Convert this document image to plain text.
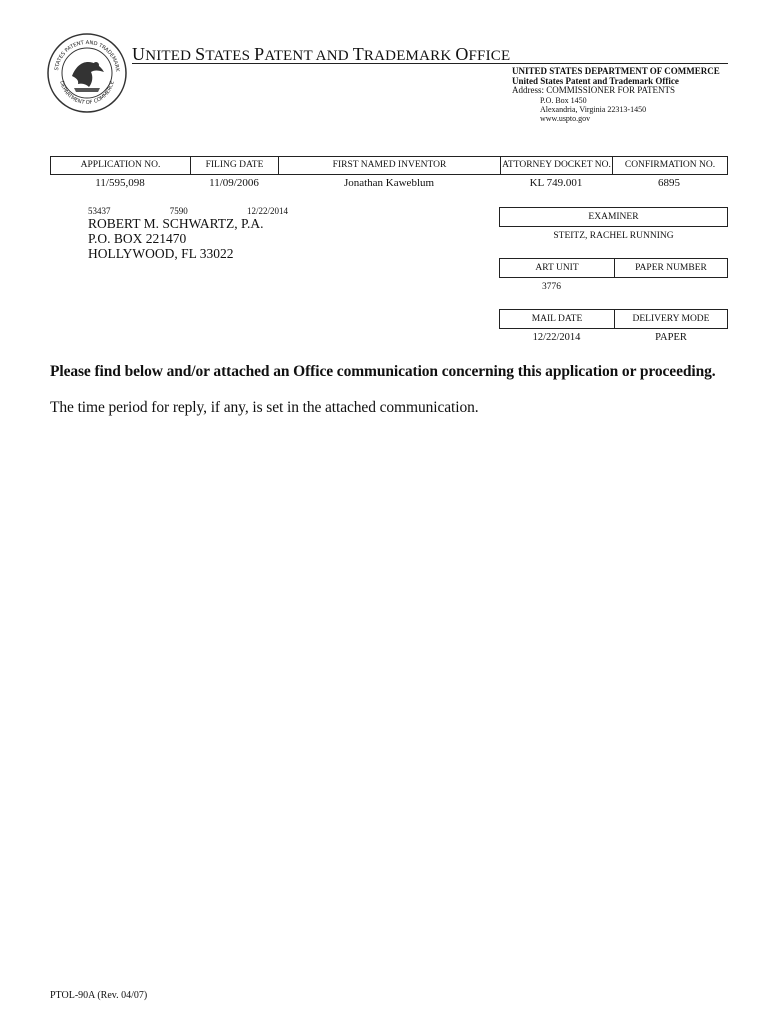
STATES PATENT AND TRADEMARK
DEPARTMENT OF COMMERCE
UNITED STATES PATENT AND TRADEMARK OFFICE
UNITED STATES DEPARTMENT OF COMMERCE
United States Patent and Trademark Office
Address: COMMISSIONER FOR PATENTS
P.O. Box 1450
Alexandria, Virginia 22313-1450
www.uspto.gov
APPLICATION NO.	FILING DATE	FIRST NAMED INVENTOR	ATTORNEY DOCKET NO.	CONFIRMATION NO.
11/595,098	11/09/2006	Jonathan Kaweblum	KL 749.001	6895
53437	7590	12/22/2014
ROBERT M. SCHWARTZ, P.A.
P.O. BOX 221470
HOLLYWOOD, FL 33022
EXAMINER
STEITZ, RACHEL RUNNING
ART UNIT	PAPER NUMBER
3776
MAIL DATE	DELIVERY MODE
12/22/2014	PAPER
Please find below and/or attached an Office communication concerning this application or proceeding.
The time period for reply, if any, is set in the attached communication.
PTOL-90A (Rev. 04/07)
